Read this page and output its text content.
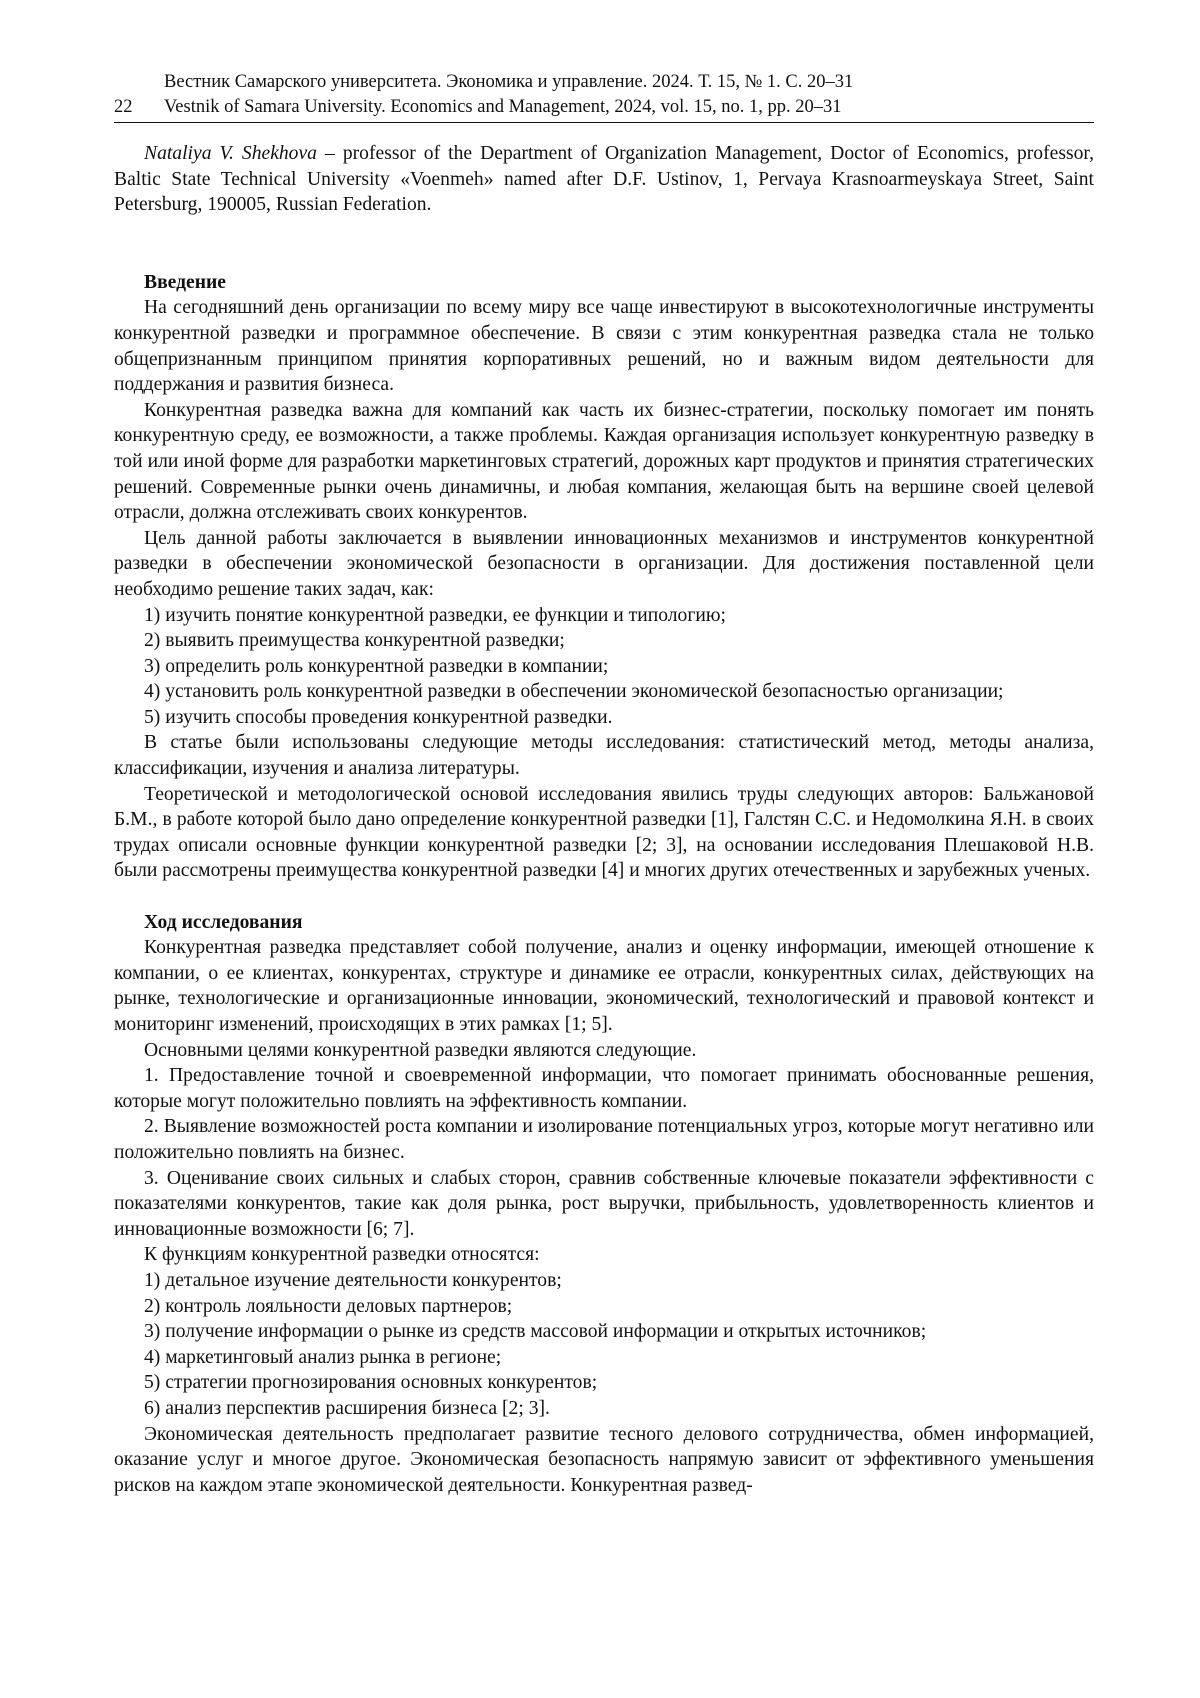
Вестник Самарского университета. Экономика и управление. 2024. Т. 15, № 1. С. 20–31
22	Vestnik of Samara University. Economics and Management, 2024, vol. 15, no. 1, pp. 20–31

Nataliya V. Shekhova – professor of the Department of Organization Management, Doctor of Economics, professor, Baltic State Technical University «Voenmeh» named after D.F. Ustinov, 1, Pervaya Krasnoarmeyskaya Street, Saint Petersburg, 190005, Russian Federation.

Введение

На сегодняшний день организации по всему миру все чаще инвестируют в высокотехнологичные инструменты конкурентной разведки и программное обеспечение. В связи с этим конкурентная разведка стала не только общепризнанным принципом принятия корпоративных решений, но и важным видом деятельности для поддержания и развития бизнеса.

Конкурентная разведка важна для компаний как часть их бизнес-стратегии, поскольку помогает им понять конкурентную среду, ее возможности, а также проблемы. Каждая организация использует конкурентную разведку в той или иной форме для разработки маркетинговых стратегий, дорожных карт продуктов и принятия стратегических решений. Современные рынки очень динамичны, и любая компания, желающая быть на вершине своей целевой отрасли, должна отслеживать своих конкурентов.

Цель данной работы заключается в выявлении инновационных механизмов и инструментов конкурентной разведки в обеспечении экономической безопасности в организации. Для достижения поставленной цели необходимо решение таких задач, как:

1) изучить понятие конкурентной разведки, ее функции и типологию;

2) выявить преимущества конкурентной разведки;

3) определить роль конкурентной разведки в компании;

4) установить роль конкурентной разведки в обеспечении экономической безопасностью организации;

5) изучить способы проведения конкурентной разведки.

В статье были использованы следующие методы исследования: статистический метод, методы анализа, классификации, изучения и анализа литературы.

Теоретической и методологической основой исследования явились труды следующих авторов: Бальжановой Б.М., в работе которой было дано определение конкурентной разведки [1], Галстян С.С. и Недомолкина Я.Н. в своих трудах описали основные функции конкурентной разведки [2; 3], на основании исследования Плешаковой Н.В. были рассмотрены преимущества конкурентной разведки [4] и многих других отечественных и зарубежных ученых.

Ход исследования

Конкурентная разведка представляет собой получение, анализ и оценку информации, имеющей отношение к компании, о ее клиентах, конкурентах, структуре и динамике ее отрасли, конкурентных силах, действующих на рынке, технологические и организационные инновации, экономический, технологический и правовой контекст и мониторинг изменений, происходящих в этих рамках [1; 5].

Основными целями конкурентной разведки являются следующие.

1. Предоставление точной и своевременной информации, что помогает принимать обоснованные решения, которые могут положительно повлиять на эффективность компании.

2. Выявление возможностей роста компании и изолирование потенциальных угроз, которые могут негативно или положительно повлиять на бизнес.

3. Оценивание своих сильных и слабых сторон, сравнив собственные ключевые показатели эффективности с показателями конкурентов, такие как доля рынка, рост выручки, прибыльность, удовлетворенность клиентов и инновационные возможности [6; 7].

К функциям конкурентной разведки относятся:

1) детальное изучение деятельности конкурентов;

2) контроль лояльности деловых партнеров;

3) получение информации о рынке из средств массовой информации и открытых источников;

4) маркетинговый анализ рынка в регионе;

5) стратегии прогнозирования основных конкурентов;

6) анализ перспектив расширения бизнеса [2; 3].

Экономическая деятельность предполагает развитие тесного делового сотрудничества, обмен информацией, оказание услуг и многое другое. Экономическая безопасность напрямую зависит от эффективного уменьшения рисков на каждом этапе экономической деятельности. Конкурентная развед-
